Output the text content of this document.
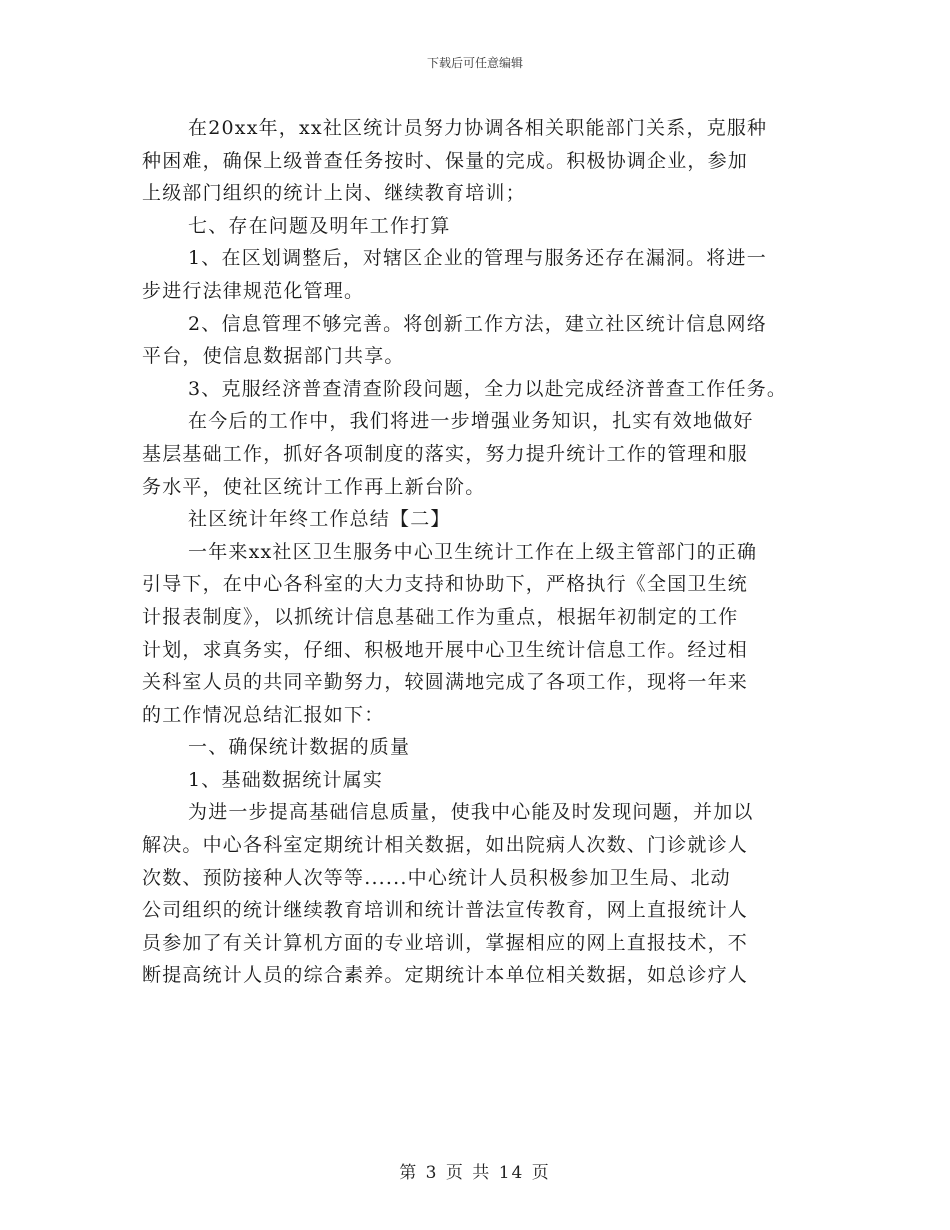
下载后可任意编辑
在20xx年，xx社区统计员努力协调各相关职能部门关系，克服种
种困难，确保上级普查任务按时、保量的完成。积极协调企业，参加
上级部门组织的统计上岗、继续教育培训；
七、存在问题及明年工作打算
1、在区划调整后，对辖区企业的管理与服务还存在漏洞。将进一
步进行法律规范化管理。
2、信息管理不够完善。将创新工作方法，建立社区统计信息网络
平台，使信息数据部门共享。
3、克服经济普查清查阶段问题，全力以赴完成经济普查工作任务。
在今后的工作中，我们将进一步增强业务知识，扎实有效地做好
基层基础工作，抓好各项制度的落实，努力提升统计工作的管理和服
务水平，使社区统计工作再上新台阶。
社区统计年终工作总结【二】
一年来xx社区卫生服务中心卫生统计工作在上级主管部门的正确
引导下，在中心各科室的大力支持和协助下，严格执行《全国卫生统
计报表制度》，以抓统计信息基础工作为重点，根据年初制定的工作
计划，求真务实，仔细、积极地开展中心卫生统计信息工作。经过相
关科室人员的共同辛勤努力，较圆满地完成了各项工作，现将一年来
的工作情况总结汇报如下：
一、确保统计数据的质量
1、基础数据统计属实
为进一步提高基础信息质量，使我中心能及时发现问题，并加以
解决。中心各科室定期统计相关数据，如出院病人次数、门诊就诊人
次数、预防接种人次等等......中心统计人员积极参加卫生局、北动
公司组织的统计继续教育培训和统计普法宣传教育，网上直报统计人
员参加了有关计算机方面的专业培训，掌握相应的网上直报技术，不
断提高统计人员的综合素养。定期统计本单位相关数据，如总诊疗人
第 3 页 共 14 页
